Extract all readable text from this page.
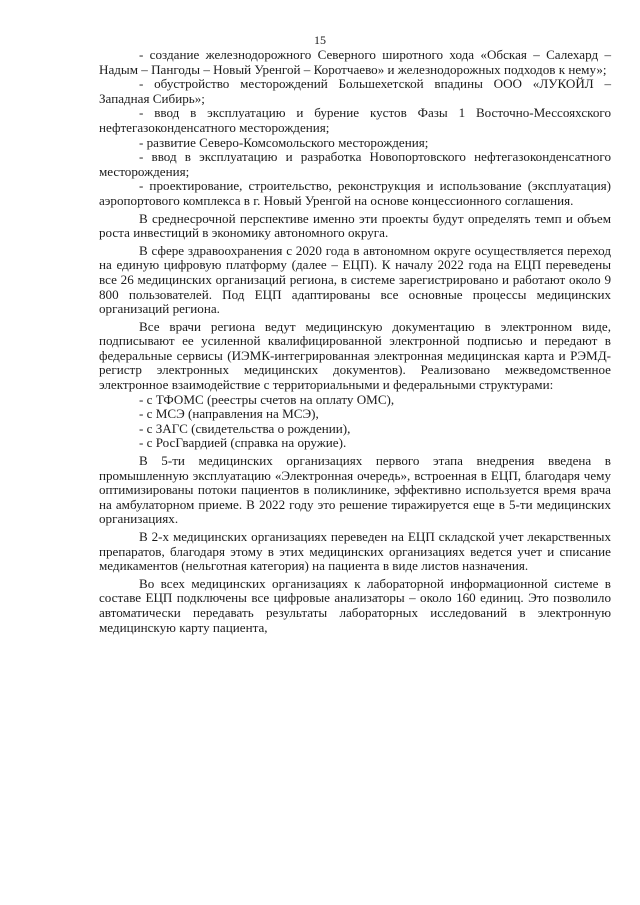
15

- создание железнодорожного Северного широтного хода «Обская – Салехард – Надым – Пангоды – Новый Уренгой – Коротчаево» и железнодорожных подходов к нему»;

- обустройство месторождений Большехетской впадины ООО «ЛУКОЙЛ – Западная Сибирь»;

- ввод в эксплуатацию и бурение кустов Фазы 1 Восточно-Мессояхского нефтегазоконденсатного месторождения;

- развитие Северо-Комсомольского месторождения;

- ввод в эксплуатацию и разработка Новопортовского нефтегазоконденсатного месторождения;

- проектирование, строительство, реконструкция и использование (эксплуатация) аэропортового комплекса в г. Новый Уренгой на основе концессионного соглашения.

В среднесрочной перспективе именно эти проекты будут определять темп и объем роста инвестиций в экономику автономного округа.

В сфере здравоохранения с 2020 года в автономном округе осуществляется переход на единую цифровую платформу (далее – ЕЦП). К началу 2022 года на ЕЦП переведены все 26 медицинских организаций региона, в системе зарегистрировано и работают около 9 800 пользователей. Под ЕЦП адаптированы все основные процессы медицинских организаций региона.

Все врачи региона ведут медицинскую документацию в электронном виде, подписывают ее усиленной квалифицированной электронной подписью и передают в федеральные сервисы (ИЭМК-интегрированная электронная медицинская карта и РЭМД-регистр электронных медицинских документов). Реализовано межведомственное электронное взаимодействие с территориальными и федеральными структурами:

- с ТФОМС (реестры счетов на оплату ОМС),

- с МСЭ (направления на МСЭ),

- с ЗАГС (свидетельства о рождении),

- с РосГвардией (справка на оружие).

В 5-ти медицинских организациях первого этапа внедрения введена в промышленную эксплуатацию «Электронная очередь», встроенная в ЕЦП, благодаря чему оптимизированы потоки пациентов в поликлинике, эффективно используется время врача на амбулаторном приеме. В 2022 году это решение тиражируется еще в 5-ти медицинских организациях.

В 2-х медицинских организациях переведен на ЕЦП складской учет лекарственных препаратов, благодаря этому в этих медицинских организациях ведется учет и списание медикаментов (нельготная категория) на пациента в виде листов назначения.

Во всех медицинских организациях к лабораторной информационной системе в составе ЕЦП подключены все цифровые анализаторы – около 160 единиц. Это позволило автоматически передавать результаты лабораторных исследований в электронную медицинскую карту пациента,
